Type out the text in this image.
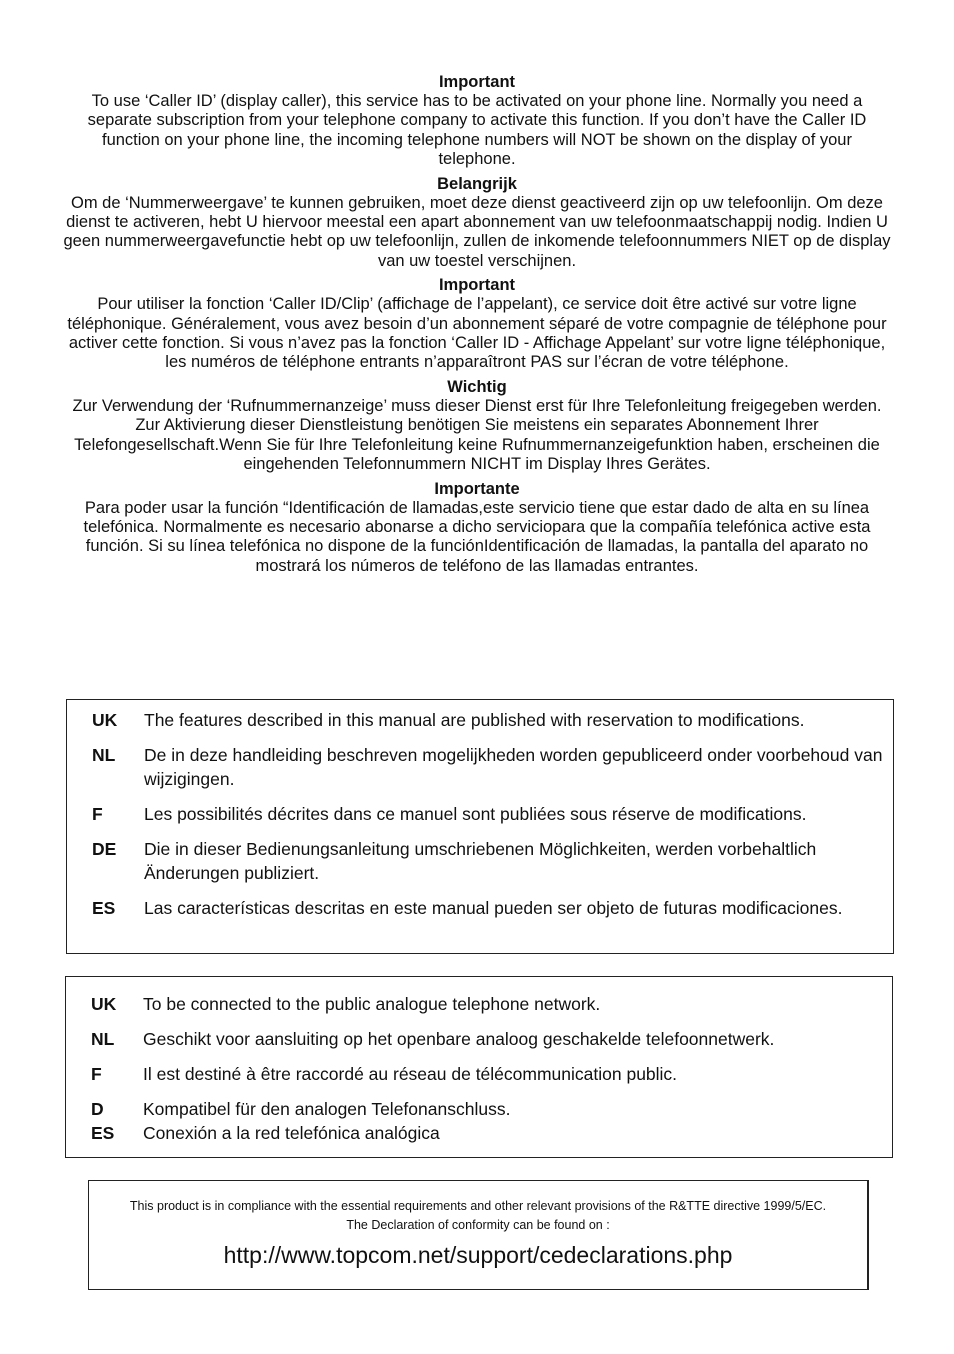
Important

To use ‘Caller ID’ (display caller), this service has to be activated on your phone line. Normally you need a separate subscription from your telephone company to activate this function. If you don’t have the Caller ID function on your phone line, the incoming telephone numbers will NOT be shown on the display of your telephone.

Belangrijk

Om de ‘Nummerweergave’ te kunnen gebruiken, moet deze dienst geactiveerd zijn op uw telefoonlijn. Om deze dienst te activeren, hebt U hiervoor meestal een apart abonnement van uw telefoonmaatschappij nodig. Indien U geen nummerweergavefunctie hebt op uw telefoonlijn, zullen de inkomende telefoonnummers NIET op de display van uw toestel verschijnen.

Important

Pour utiliser la fonction ‘Caller ID/Clip’ (affichage de l’appelant), ce service doit être activé sur votre ligne téléphonique. Généralement, vous avez besoin d’un abonnement séparé de votre compagnie de téléphone pour activer cette fonction. Si vous n’avez pas la fonction ‘Caller ID - Affichage Appelant’ sur votre ligne téléphonique, les numéros de téléphone entrants n’apparaîtront PAS sur l’écran de votre téléphone.

Wichtig

Zur Verwendung der ‘Rufnummernanzeige’ muss dieser Dienst erst für Ihre Telefonleitung freigegeben werden. Zur Aktivierung dieser Dienstleistung benötigen Sie meistens ein separates Abonnement Ihrer Telefongesellschaft.Wenn Sie für Ihre Telefonleitung keine Rufnummernanzeigefunktion haben, erscheinen die eingehenden Telefonnummern NICHT im Display Ihres Gerätes.

Importante

Para poder usar la función “Identificación de llamadas,este servicio tiene que estar dado de alta en su línea telefónica. Normalmente es necesario abonarse a dicho serviciopara que la compañía telefónica active esta función. Si su línea telefónica no dispone de la funciónIdentificación de llamadas, la pantalla del aparato no mostrará los números de teléfono de las llamadas entrantes.

UK	The features described in this manual are published with reservation to modifications.
NL	De in deze handleiding beschreven mogelijkheden worden gepubliceerd onder voorbehoud van wijzigingen.
F	Les possibilités décrites dans ce manuel sont publiées sous réserve de modifications.
DE	Die in dieser Bedienungsanleitung umschriebenen Möglichkeiten, werden vorbehaltlich Änderungen publiziert.
ES	Las características descritas en este manual pueden ser objeto de futuras modificaciones.
UK	To be connected to the public analogue telephone network.
NL	Geschikt voor aansluiting op het openbare analoog geschakelde telefoonnetwerk.
F	Il est destiné à être raccordé au réseau de télécommunication public.
D	Kompatibel für den analogen Telefonanschluss.
ES	Conexión a la red telefónica analógica

This product is in compliance with the essential requirements and other relevant provisions of the R&TTE directive 1999/5/EC.

The Declaration of conformity can be found on :

http://www.topcom.net/support/cedeclarations.php
